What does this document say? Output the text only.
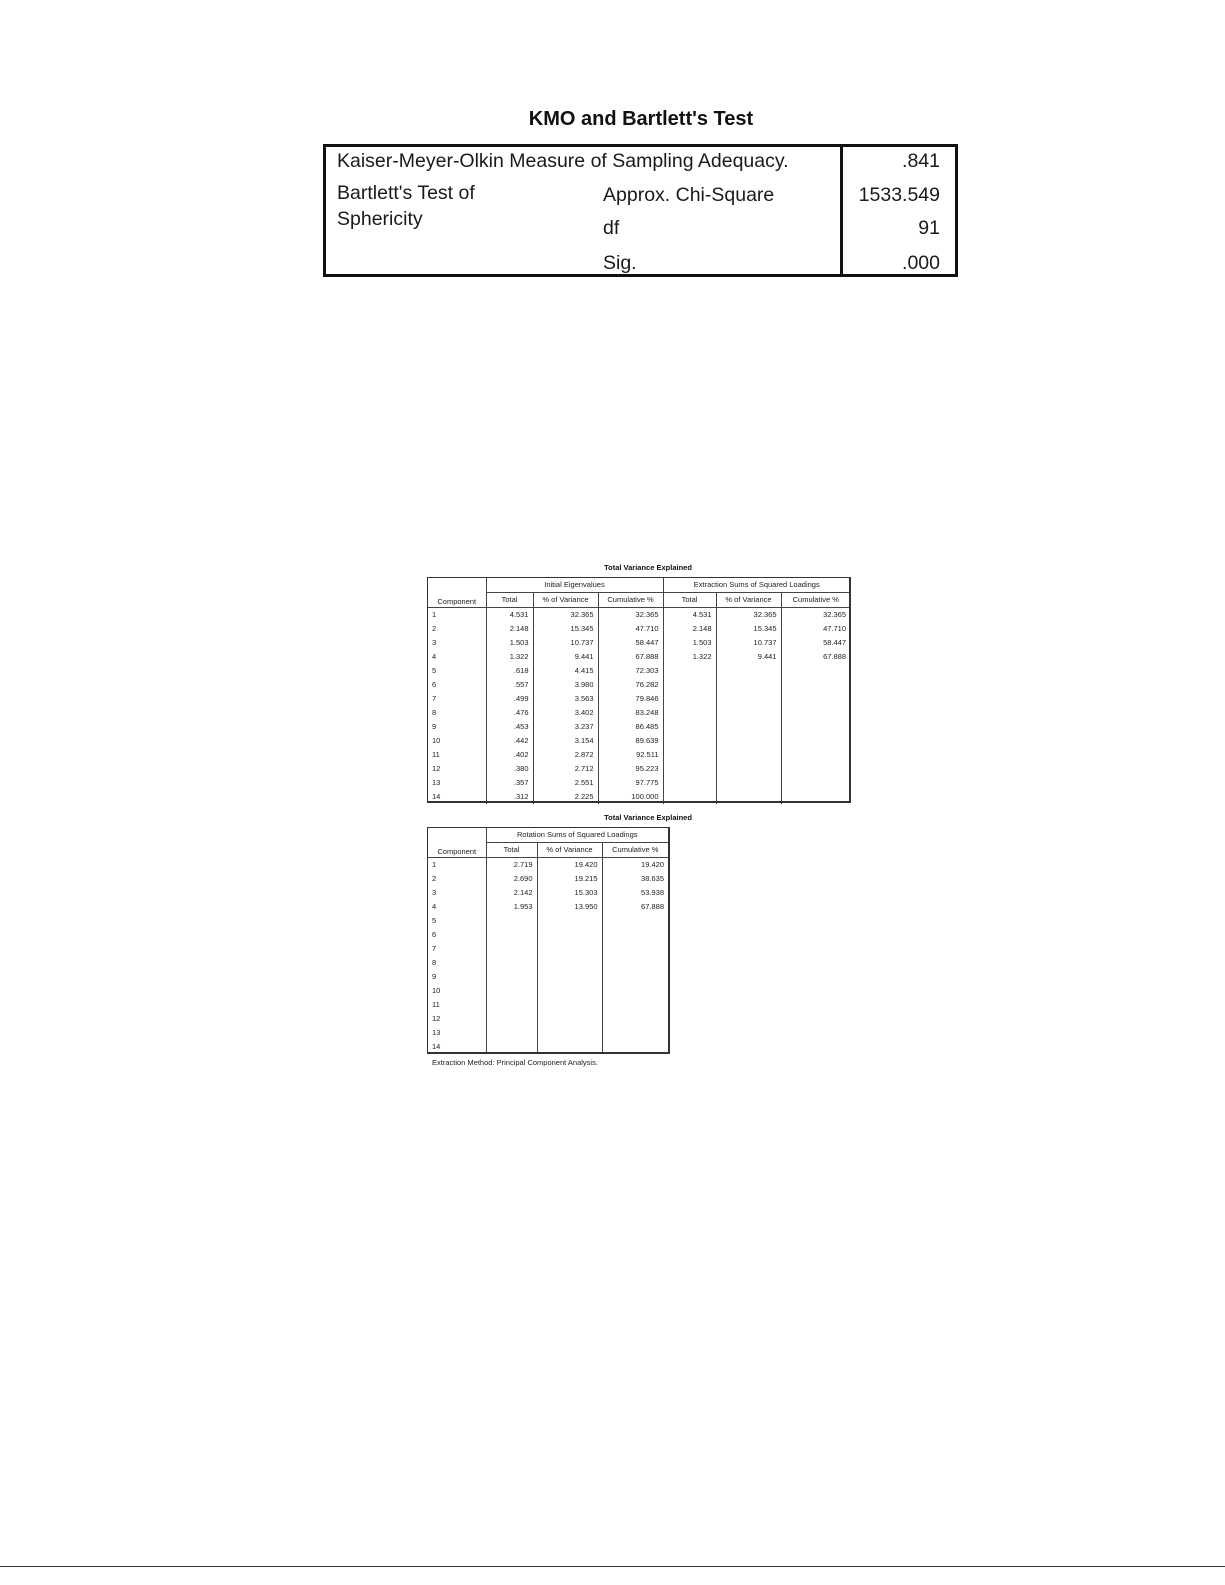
KMO and Bartlett's Test
Kaiser-Meyer-Olkin Measure of Sampling Adequacy.	.841
Bartlett's Test of
Sphericity
Approx. Chi-Square	1533.549
df	91
Sig.	.000
Total Variance Explained
	Initial Eigenvalues			Extraction Sums of Squared Loadings		
Component	Total	% of Variance	Cumulative %	Total	% of Variance	Cumulative %
1	4.531	32.365	32.365	4.531	32.365	32.365
2	2.148	15.345	47.710	2.148	15.345	47.710
3	1.503	10.737	58.447	1.503	10.737	58.447
4	1.322	9.441	67.888	1.322	9.441	67.888
5	.618	4.415	72.303			
6	.557	3.980	76.282			
7	.499	3.563	79.846			
8	.476	3.402	83.248			
9	.453	3.237	86.485			
10	.442	3.154	89.639			
11	.402	2.872	92.511			
12	.380	2.712	95.223			
13	.357	2.551	97.775			
14	.312	2.225	100.000			
Total Variance Explained
	Rotation Sums of Squared Loadings		
Component	Total	% of Variance	Cumulative %
1	2.719	19.420	19.420
2	2.690	19.215	38.635
3	2.142	15.303	53.938
4	1.953	13.950	67.888
5			
6			
7			
8			
9			
10			
11			
12			
13			
14			
Extraction Method: Principal Component Analysis.
